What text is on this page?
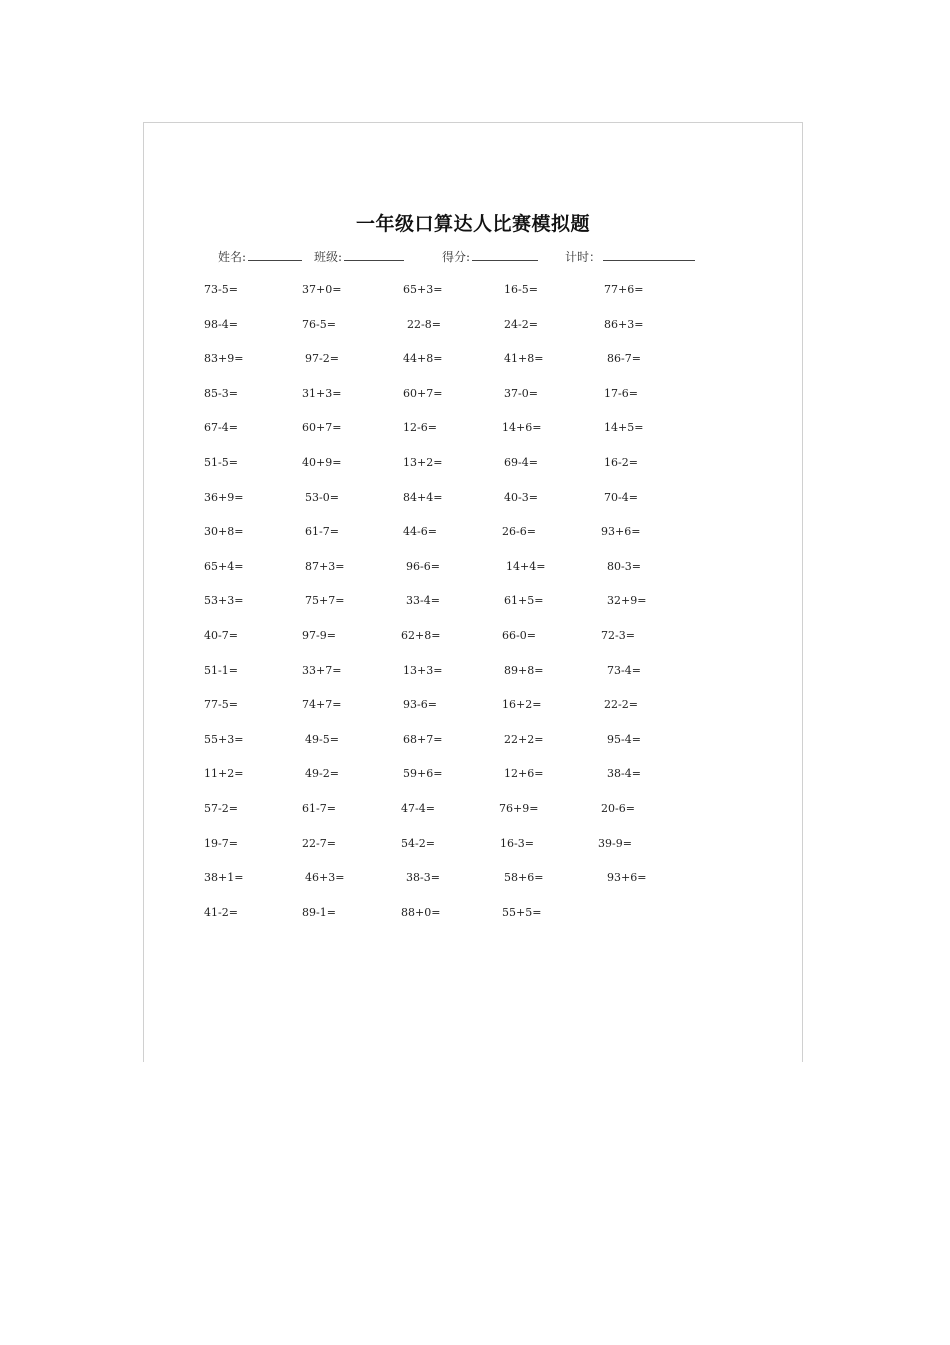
一年级口算达人比赛模拟题
姓名:	班级:	得分:	计时：
73-5=	37+0=	65+3=	16-5=	77+6=
98-4=	76-5=	22-8=	24-2=	86+3=
83+9=	97-2=	44+8=	41+8=	86-7=
85-3=	31+3=	60+7=	37-0=	17-6=
67-4=	60+7=	12-6=	14+6=	14+5=
51-5=	40+9=	13+2=	69-4=	16-2=
36+9=	53-0=	84+4=	40-3=	70-4=
30+8=	61-7=	44-6=	26-6=	93+6=
65+4=	87+3=	96-6=	14+4=	80-3=
53+3=	75+7=	33-4=	61+5=	32+9=
40-7=	97-9=	62+8=	66-0=	72-3=
51-1=	33+7=	13+3=	89+8=	73-4=
77-5=	74+7=	93-6=	16+2=	22-2=
55+3=	49-5=	68+7=	22+2=	95-4=
11+2=	49-2=	59+6=	12+6=	38-4=
57-2=	61-7=	47-4=	76+9=	20-6=
19-7=	22-7=	54-2=	16-3=	39-9=
38+1=	46+3=	38-3=	58+6=	93+6=
41-2=	89-1=	88+0=	55+5=
